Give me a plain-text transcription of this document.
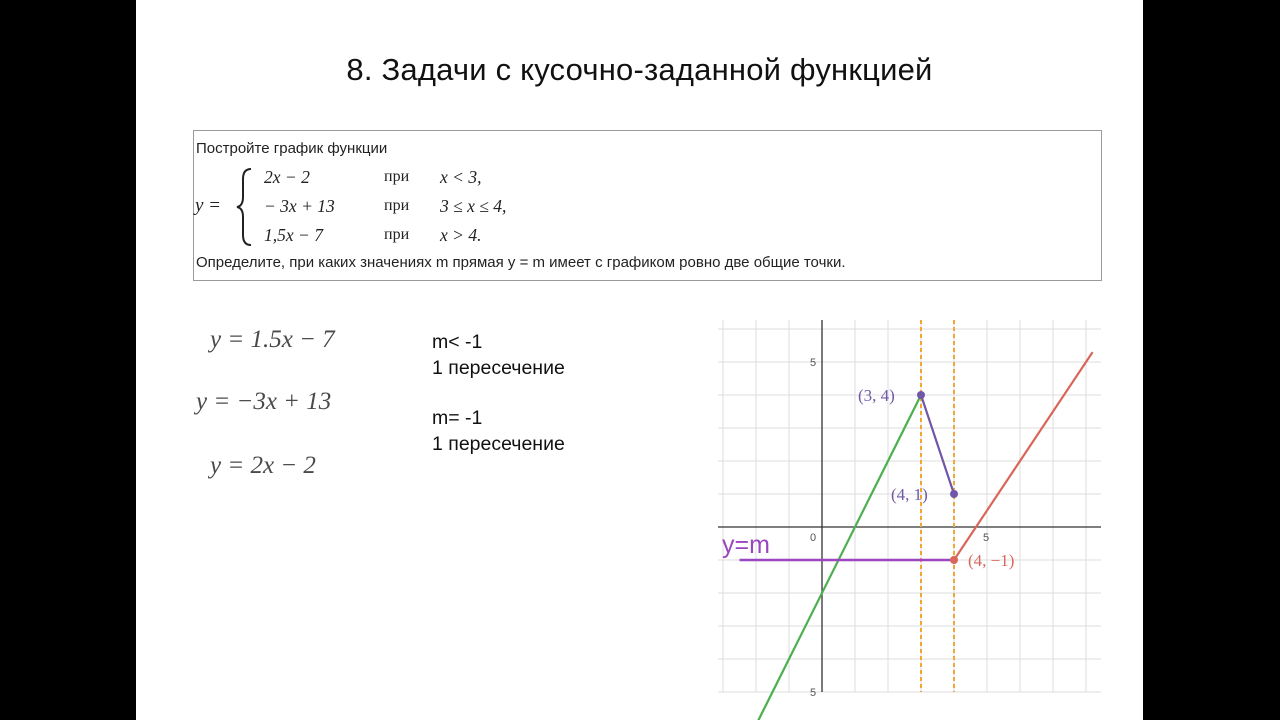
8. Задачи с кусочно-заданной функцией
Постройте график функции
y =
2x − 2	при x < 3,
− 3x + 13	при 3 ≤ x ≤ 4,
1,5x − 7	при x > 4.
Определите, при каких значениях m прямая y = m имеет с графиком ровно две общие точки.
y = 1.5x − 7
y = −3x + 13
y = 2x − 2
m< -1
1 пересечение
m= -1
1 пересечение
0	5
5
5
(3, 4)
(4, 1)
(4, −1)
y=m
